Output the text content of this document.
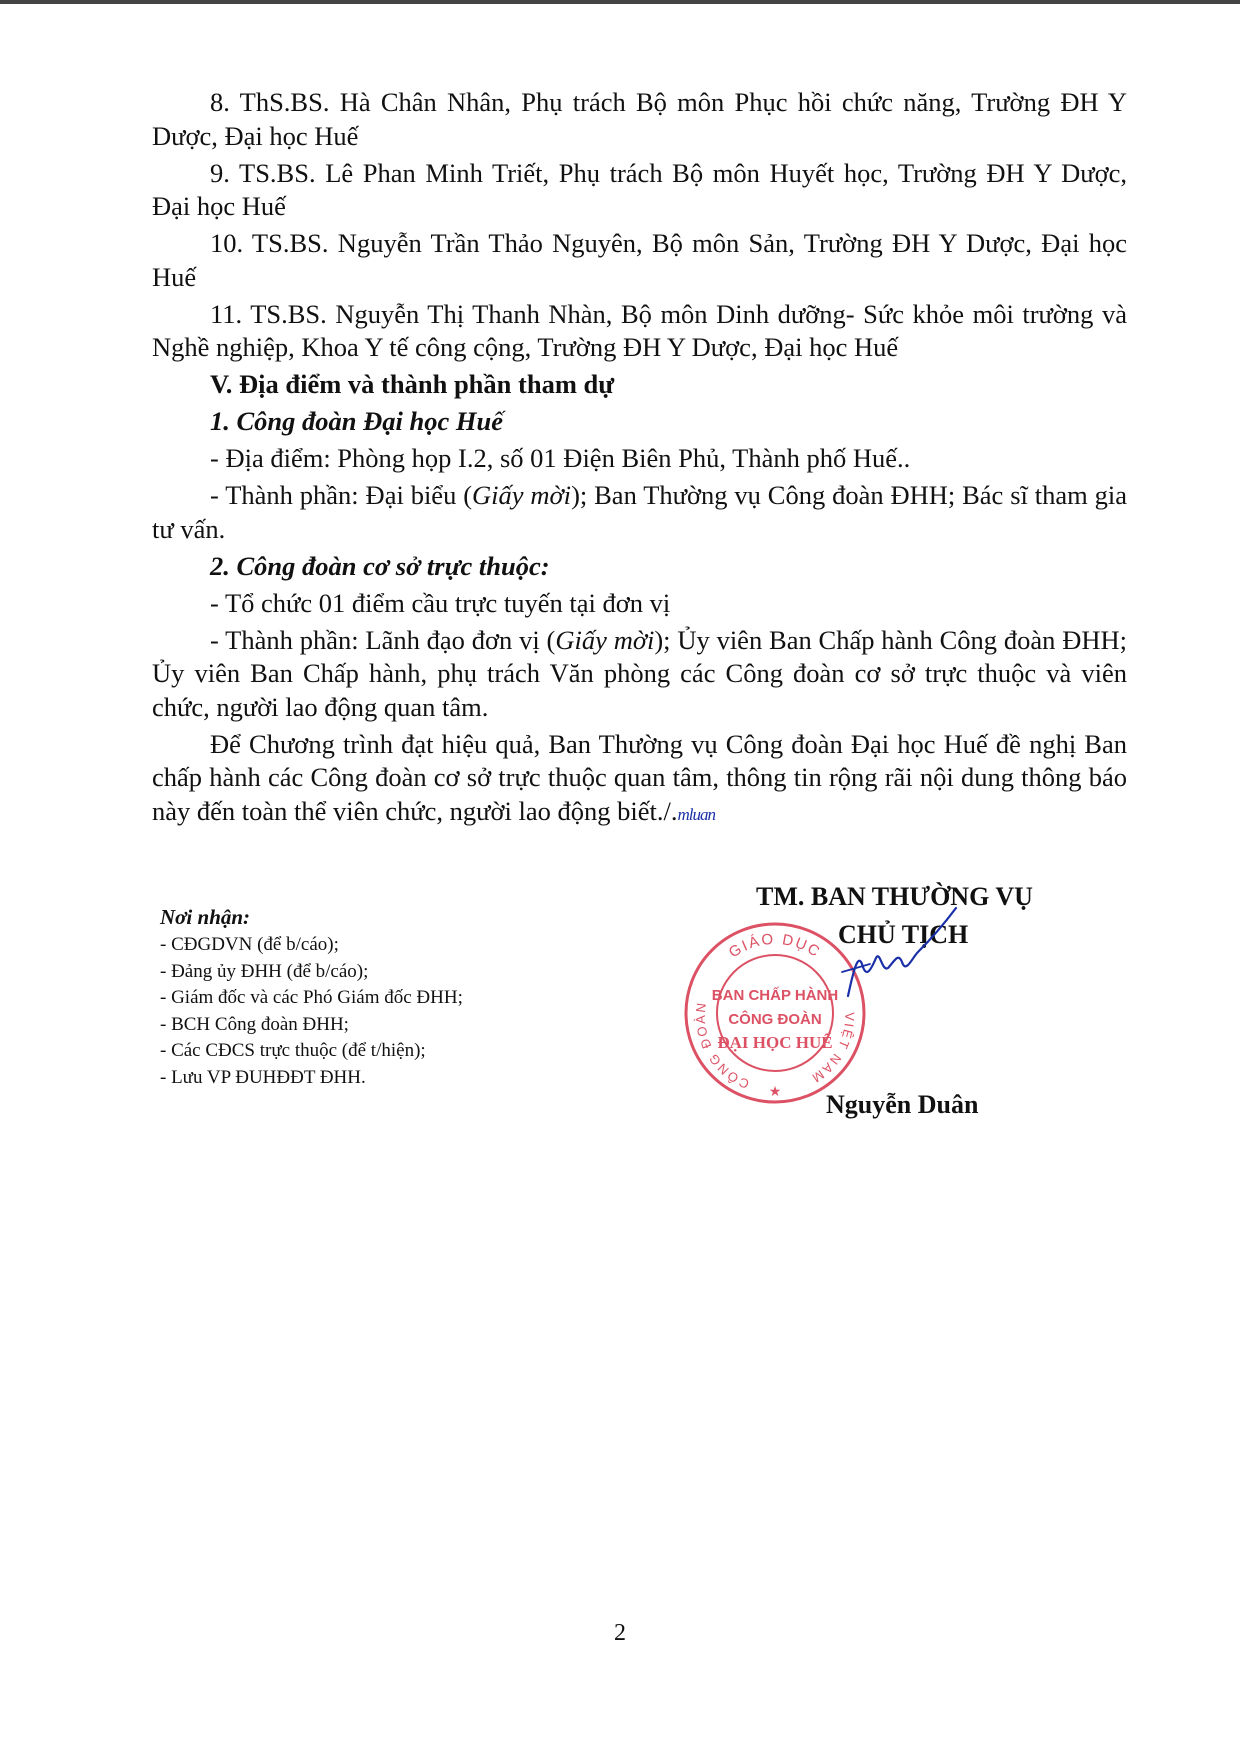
8. ThS.BS. Hà Chân Nhân, Phụ trách Bộ môn Phục hồi chức năng, Trường ĐH Y Dược, Đại học Huế

9. TS.BS. Lê Phan Minh Triết, Phụ trách Bộ môn Huyết học, Trường ĐH Y Dược, Đại học Huế

10. TS.BS. Nguyễn Trần Thảo Nguyên, Bộ môn Sản, Trường ĐH Y Dược, Đại học Huế

11. TS.BS. Nguyễn Thị Thanh Nhàn, Bộ môn Dinh dưỡng- Sức khỏe môi trường và Nghề nghiệp, Khoa Y tế công cộng, Trường ĐH Y Dược, Đại học Huế

V. Địa điểm và thành phần tham dự

1. Công đoàn Đại học Huế

- Địa điểm: Phòng họp I.2, số 01 Điện Biên Phủ, Thành phố Huế..

- Thành phần: Đại biểu (Giấy mời); Ban Thường vụ Công đoàn ĐHH; Bác sĩ tham gia tư vấn.

2. Công đoàn cơ sở trực thuộc:

- Tổ chức 01 điểm cầu trực tuyến tại đơn vị

- Thành phần: Lãnh đạo đơn vị (Giấy mời); Ủy viên Ban Chấp hành Công đoàn ĐHH; Ủy viên Ban Chấp hành, phụ trách Văn phòng các Công đoàn cơ sở trực thuộc và viên chức, người lao động quan tâm.

Để Chương trình đạt hiệu quả, Ban Thường vụ Công đoàn Đại học Huế đề nghị Ban chấp hành các Công đoàn cơ sở trực thuộc quan tâm, thông tin rộng rãi nội dung thông báo này đến toàn thể viên chức, người lao động biết./.mluan

Nơi nhận:
- CĐGDVN (để b/cáo);
- Đảng ủy ĐHH (để b/cáo);
- Giám đốc và các Phó Giám đốc ĐHH;
- BCH Công đoàn ĐHH;
- Các CĐCS trực thuộc (để t/hiện);
- Lưu VP ĐUHĐĐT ĐHH.
GIÁO DỤC
CÔNG ĐOÀN
VIỆT NAM
BAN CHẤP HÀNH
CÔNG ĐOÀN
ĐẠI HỌC HUẾ
★
TM. BAN THƯỜNG VỤ
CHỦ TỊCH
Nguyễn Duân
2
